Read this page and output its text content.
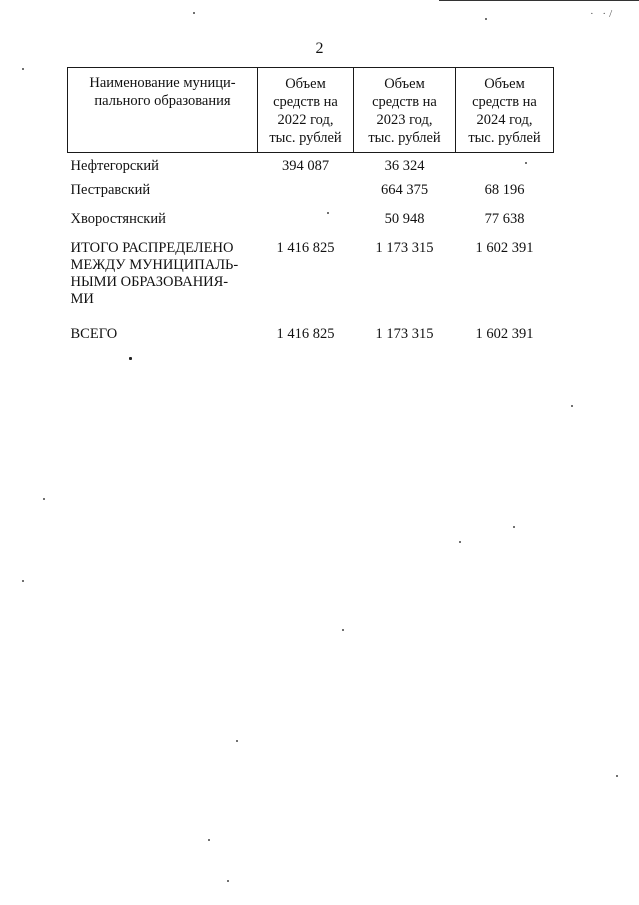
· ·/
2
Наименование муници-
пального образования	Объем
средств на
2022 год,
тыс. рублей	Объем
средств на
2023 год,
тыс. рублей	Объем
средств на
2024 год,
тыс. рублей
Нефтегорский	394 087	36 324	
Пестравский		664 375	68 196
Хворостянский		50 948	77 638
ИТОГО РАСПРЕДЕЛЕНО
МЕЖДУ МУНИЦИПАЛЬ-
НЫМИ ОБРАЗОВАНИЯ-
МИ	1 416 825	1 173 315	1 602 391
ВСЕГО	1 416 825	1 173 315	1 602 391
